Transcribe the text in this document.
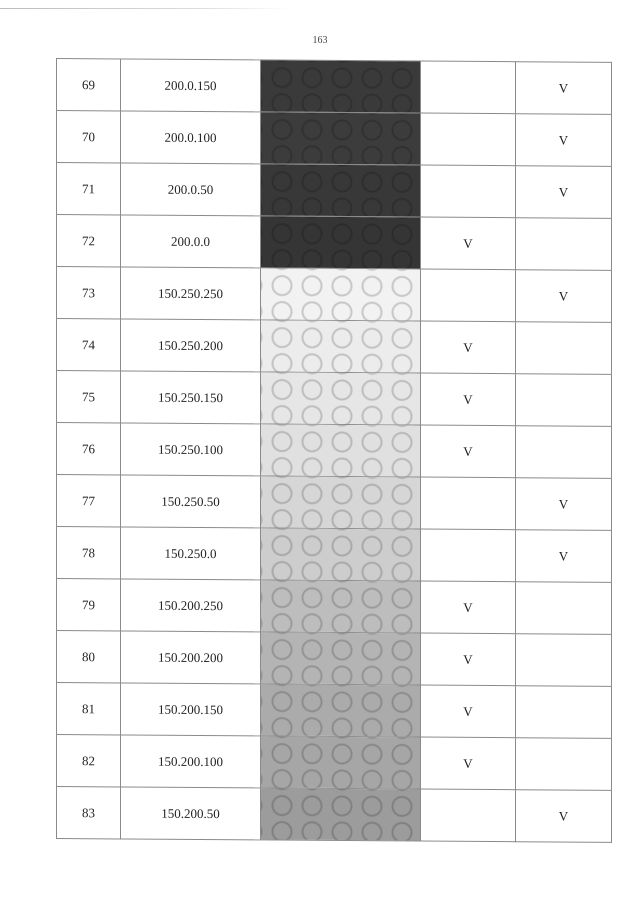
163
69	200.0.150			V
70	200.0.100			V
71	200.0.50			V
72	200.0.0		V	
73	150.250.250			V
74	150.250.200		V	
75	150.250.150		V	
76	150.250.100		V	
77	150.250.50			V
78	150.250.0			V
79	150.200.250		V	
80	150.200.200		V	
81	150.200.150		V	
82	150.200.100		V	
83	150.200.50			V
